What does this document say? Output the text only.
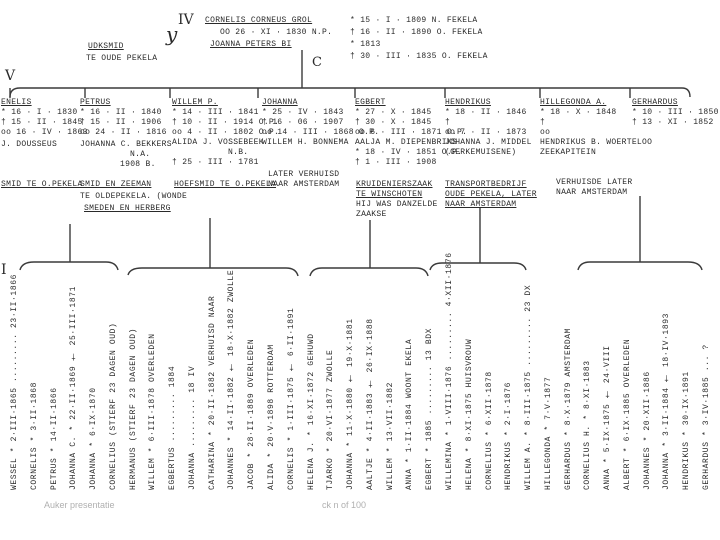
IV
V
I
y
C
CORNELIS CORNEUS GROL
OO 26 · XI · 1830 N.P.
JOANNA PETERS BI
* 15 · I · 1809 N. FEKELA
† 16 · II · 1890 O. FEKELA
* 1813
† 30 · III · 1835 O. FEKELA
UDKSMID
TE OUDE PEKELA
ENELIS
* 16 · I · 1830
† 15 · II · 1845
oo 16 · IV · 1863
J. DOUSSEUS
PETRUS
* 16 · II · 1840
† 15 · II · 1906
oo 24 · II · 1816
JOHANNA C. BEKKERS
N.A.
1908 B.
WILLEM P.
* 14 · III · 1841
† 10 · II · 1914 O.P.
oo 4 · II · 1802 O.P.
ALIDA J. VOSSEBEEK
N.B.
† 25 · III · 1781
JOHANNA
* 25 · IV · 1843
† 16 · 06 · 1907
oo 14 · III · 1868 O.P.
WILLEM H. BONNEMA
EGBERT
* 27 · X · 1845
† 30 · X · 1845
oo 6 · III · 1871 O.P.
AALJA M. DIEPENBRIKS
* 18 · IV · 1851 O.P.
† 1 · III · 1908
HENDRIKUS
* 18 · II · 1846
†
oo 7 · II · 1873
JOHANNA J. MIDDEL
(GERKEMUISENE)
HILLEGONDA A.
* 18 · X · 1848
†
oo
HENDRIKUS B. WOERTELOO
ZEEKAPITEIN
GERHARDUS
* 10 · III · 1850
† 13 · XI · 1852
SMID TE O.PEKELA
SMID EN ZEEMAN
TE OLDEPEKELA. (WONDE
SMEDEN EN HERBERG
HOEFSMID TE O.PEKELA
LATER VERHUISD NAAR AMSTERDAM	KRUIDENIERSZAAK TE WINSCHOTEN
HIJ WAS DANZELDE ZAAKSE
TRANSPORTBEDRIJF OUDE PEKELA, LATER NAAR AMSTERDAM
VERHUISDE LATER NAAR AMSTERDAM
WESSEL * 2·III·1865 ......... 23·II·1866 CORNELIS * 3·II·1868 PETRUS * 14·II·1866 JOHANNA C. * 22·II·1869 † 25·III·1871 JOHANNA * 6·IX·1870 CORNELIUS (STIERF 23 DAGEN OUD) HERMANUS (STIERF 23 DAGEN OUD) WILLEM * 6·III·1878 OVERLEDEN EGBERTUS ......... 1884 JOHANNA ......... 18 IV CATHARINA * 20·II·1882 VERHUISD NAAR JOHANNES * 14·II·1882 † 18·X·1882 ZWOLLE JACOB * 28·II·1889 OVERLEDEN ALIDA * 20·V·1898 ROTTERDAM CORNELIS * 1·III·1875 † 6·II·1891 HELENA J. * 16·XI·1872 GEHUWD TJARKO * 20·VI·1877 ZWOLLE JOHANNA * 11·X·1880 † 19·X·1881 AALTJE * 4·II·1883 † 26·IX·1888 WILLEM * 13·VII·1882 ANNA * 1·II·1884 WOONT EKELA EGBERT * 1885 ......... 13 BDX WILLEMINA * 1·VIII·1876 ......... 4·XII·1876 HELENA * 8·XI·1875 HUISVROUW CORNELIUS * 6·XII·1878 HENDRIKUS * 2·I·1876 WILLEM A. * 8·III·1875 ......... 23 DX HILLEGONDA * 7·V·1877 GERHARDUS * 8·X·1879 AMSTERDAM CORNELIUS H. * 8·XI·1883 ANNA * 5·IX·1875 † 24·VIII ALBERT * 6·IX·1885 OVERLEDEN JOHANNES * 20·XII·1886 JOHANNA * 3·II·1884 † 18·IV·1893 HENDRIKUS * 30·IX·1891 GERHARDUS * 3·IV·1885 ... ?
Auker presentatie	ck n of 100
